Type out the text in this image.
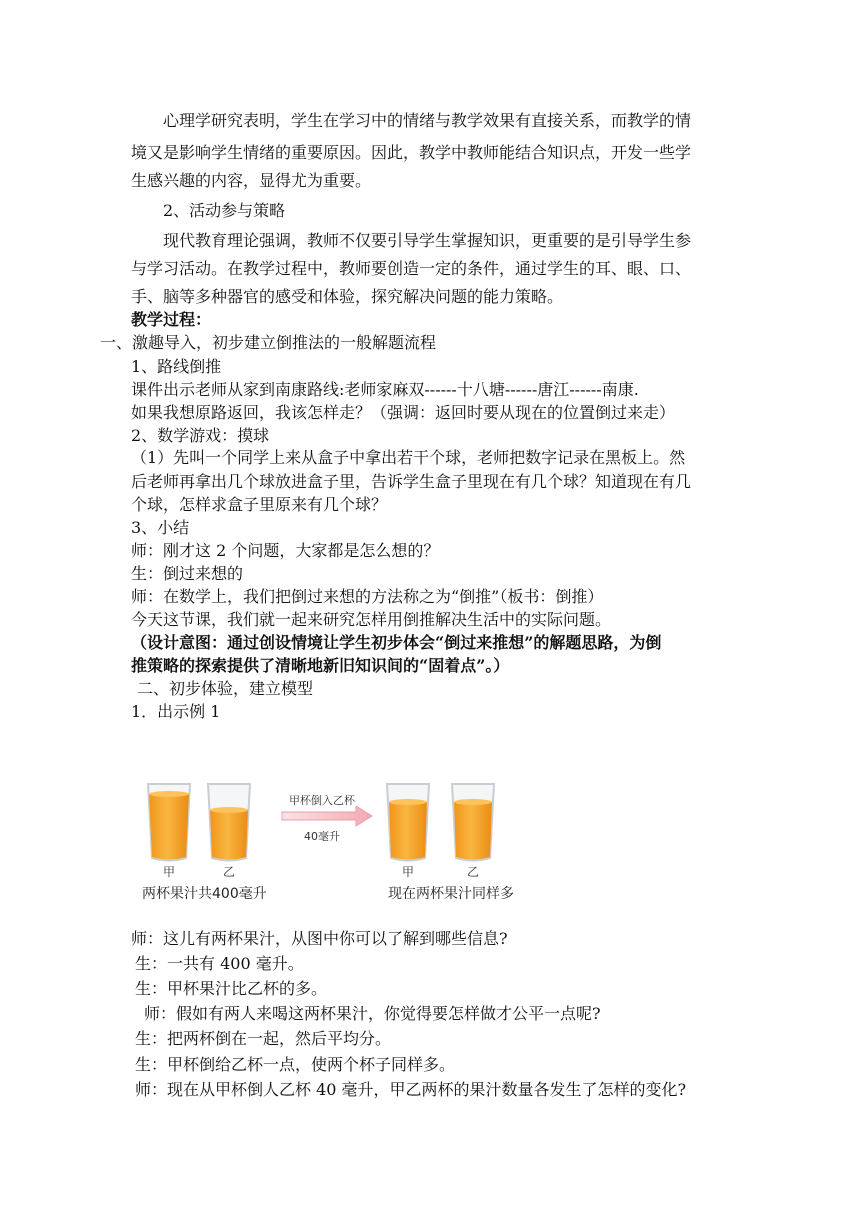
心理学研究表明，学生在学习中的情绪与教学效果有直接关系，而教学的情
境又是影响学生情绪的重要原因。因此，教学中教师能结合知识点，开发一些学
生感兴趣的内容，显得尤为重要。
2、活动参与策略
现代教育理论强调，教师不仅要引导学生掌握知识，更重要的是引导学生参
与学习活动。在教学过程中，教师要创造一定的条件，通过学生的耳、眼、口、
手、脑等多种器官的感受和体验，探究解决问题的能力策略。
教学过程：
一、激趣导入，初步建立倒推法的一般解题流程
1、路线倒推
课件出示老师从家到南康路线:老师家麻双------十八塘------唐江------南康.
如果我想原路返回，我该怎样走？（强调：返回时要从现在的位置倒过来走）
2、数学游戏：摸球
（1）先叫一个同学上来从盒子中拿出若干个球，老师把数字记录在黑板上。然
后老师再拿出几个球放进盒子里，告诉学生盒子里现在有几个球？知道现在有几
个球，怎样求盒子里原来有几个球？
3、小结
师：刚才这 2 个问题，大家都是怎么想的？
生：倒过来想的
师：在数学上，我们把倒过来想的方法称之为“倒推”（板书：倒推）
今天这节课，我们就一起来研究怎样用倒推解决生活中的实际问题。
（设计意图：通过创设情境让学生初步体会“倒过来推想”的解题思路，为倒
推策略的探索提供了清晰地新旧知识间的“固着点”。）
二、初步体验，建立模型
1．出示例 1
甲	乙
两杯果汁共400毫升
甲杯倒入乙杯
40毫升
甲	乙
现在两杯果汁同样多
师：这儿有两杯果汁，从图中你可以了解到哪些信息?
生：一共有 400 毫升。
生：甲杯果汁比乙杯的多。
师：假如有两人来喝这两杯果汁，你觉得要怎样做才公平一点呢?
生：把两杯倒在一起，然后平均分。
生：甲杯倒给乙杯一点，使两个杯子同样多。
师：现在从甲杯倒人乙杯 40 毫升，甲乙两杯的果汁数量各发生了怎样的变化?
